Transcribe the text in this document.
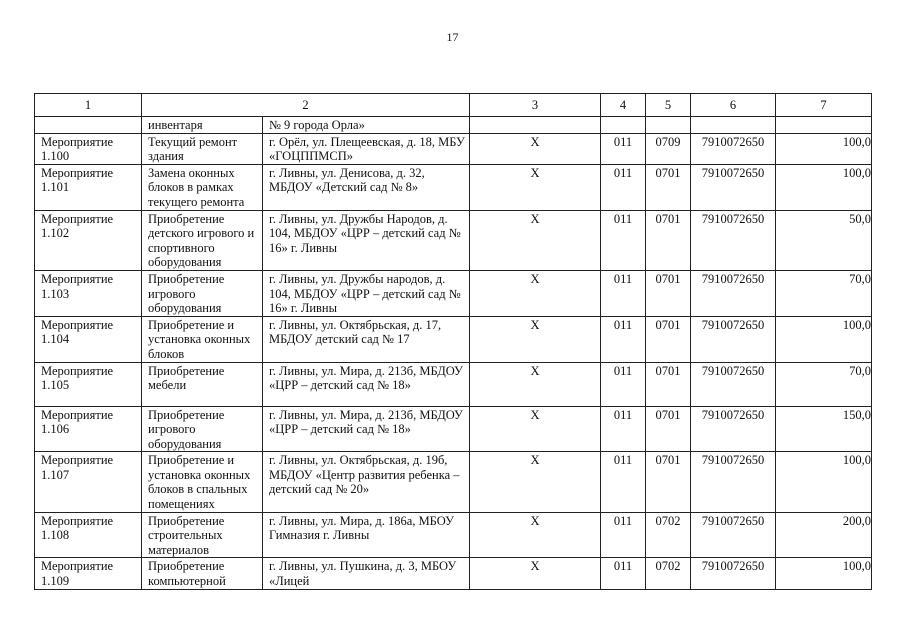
17
1	2		3	4	5	6	7
	инвентаря	№ 9 города Орла»					
Мероприятие 1.100	Текущий ремонт здания	г. Орёл, ул. Плещеевская, д. 18, МБУ «ГОЦППМСП»	X	011	0709	7910072650	100,0
Мероприятие 1.101	Замена оконных блоков в рамках текущего ремонта	г. Ливны, ул. Денисова, д. 32, МБДОУ «Детский сад № 8»	X	011	0701	7910072650	100,0
Мероприятие 1.102	Приобретение детского игрового и спортивного оборудования	г. Ливны, ул. Дружбы Народов, д. 104, МБДОУ «ЦРР – детский сад № 16» г. Ливны	X	011	0701	7910072650	50,0
Мероприятие 1.103	Приобретение игрового оборудования	г. Ливны, ул. Дружбы народов, д. 104, МБДОУ «ЦРР – детский сад № 16» г. Ливны	X	011	0701	7910072650	70,0
Мероприятие 1.104	Приобретение и установка оконных блоков	г. Ливны, ул. Октябрьская, д. 17, МБДОУ детский сад № 17	X	011	0701	7910072650	100,0
Мероприятие 1.105	Приобретение мебели	г. Ливны, ул. Мира, д. 213б, МБДОУ «ЦРР – детский сад № 18»	X	011	0701	7910072650	70,0
Мероприятие 1.106	Приобретение игрового оборудования	г. Ливны, ул. Мира, д. 213б, МБДОУ «ЦРР – детский сад № 18»	X	011	0701	7910072650	150,0
Мероприятие 1.107	Приобретение и установка оконных блоков в спальных помещениях	г. Ливны, ул. Октябрьская, д. 19б, МБДОУ «Центр развития ребенка – детский сад № 20»	X	011	0701	7910072650	100,0
Мероприятие 1.108	Приобретение строительных материалов	г. Ливны, ул. Мира, д. 186а, МБОУ Гимназия г. Ливны	X	011	0702	7910072650	200,0
Мероприятие 1.109	Приобретение компьютерной	г. Ливны, ул. Пушкина, д. 3, МБОУ «Лицей	X	011	0702	7910072650	100,0
